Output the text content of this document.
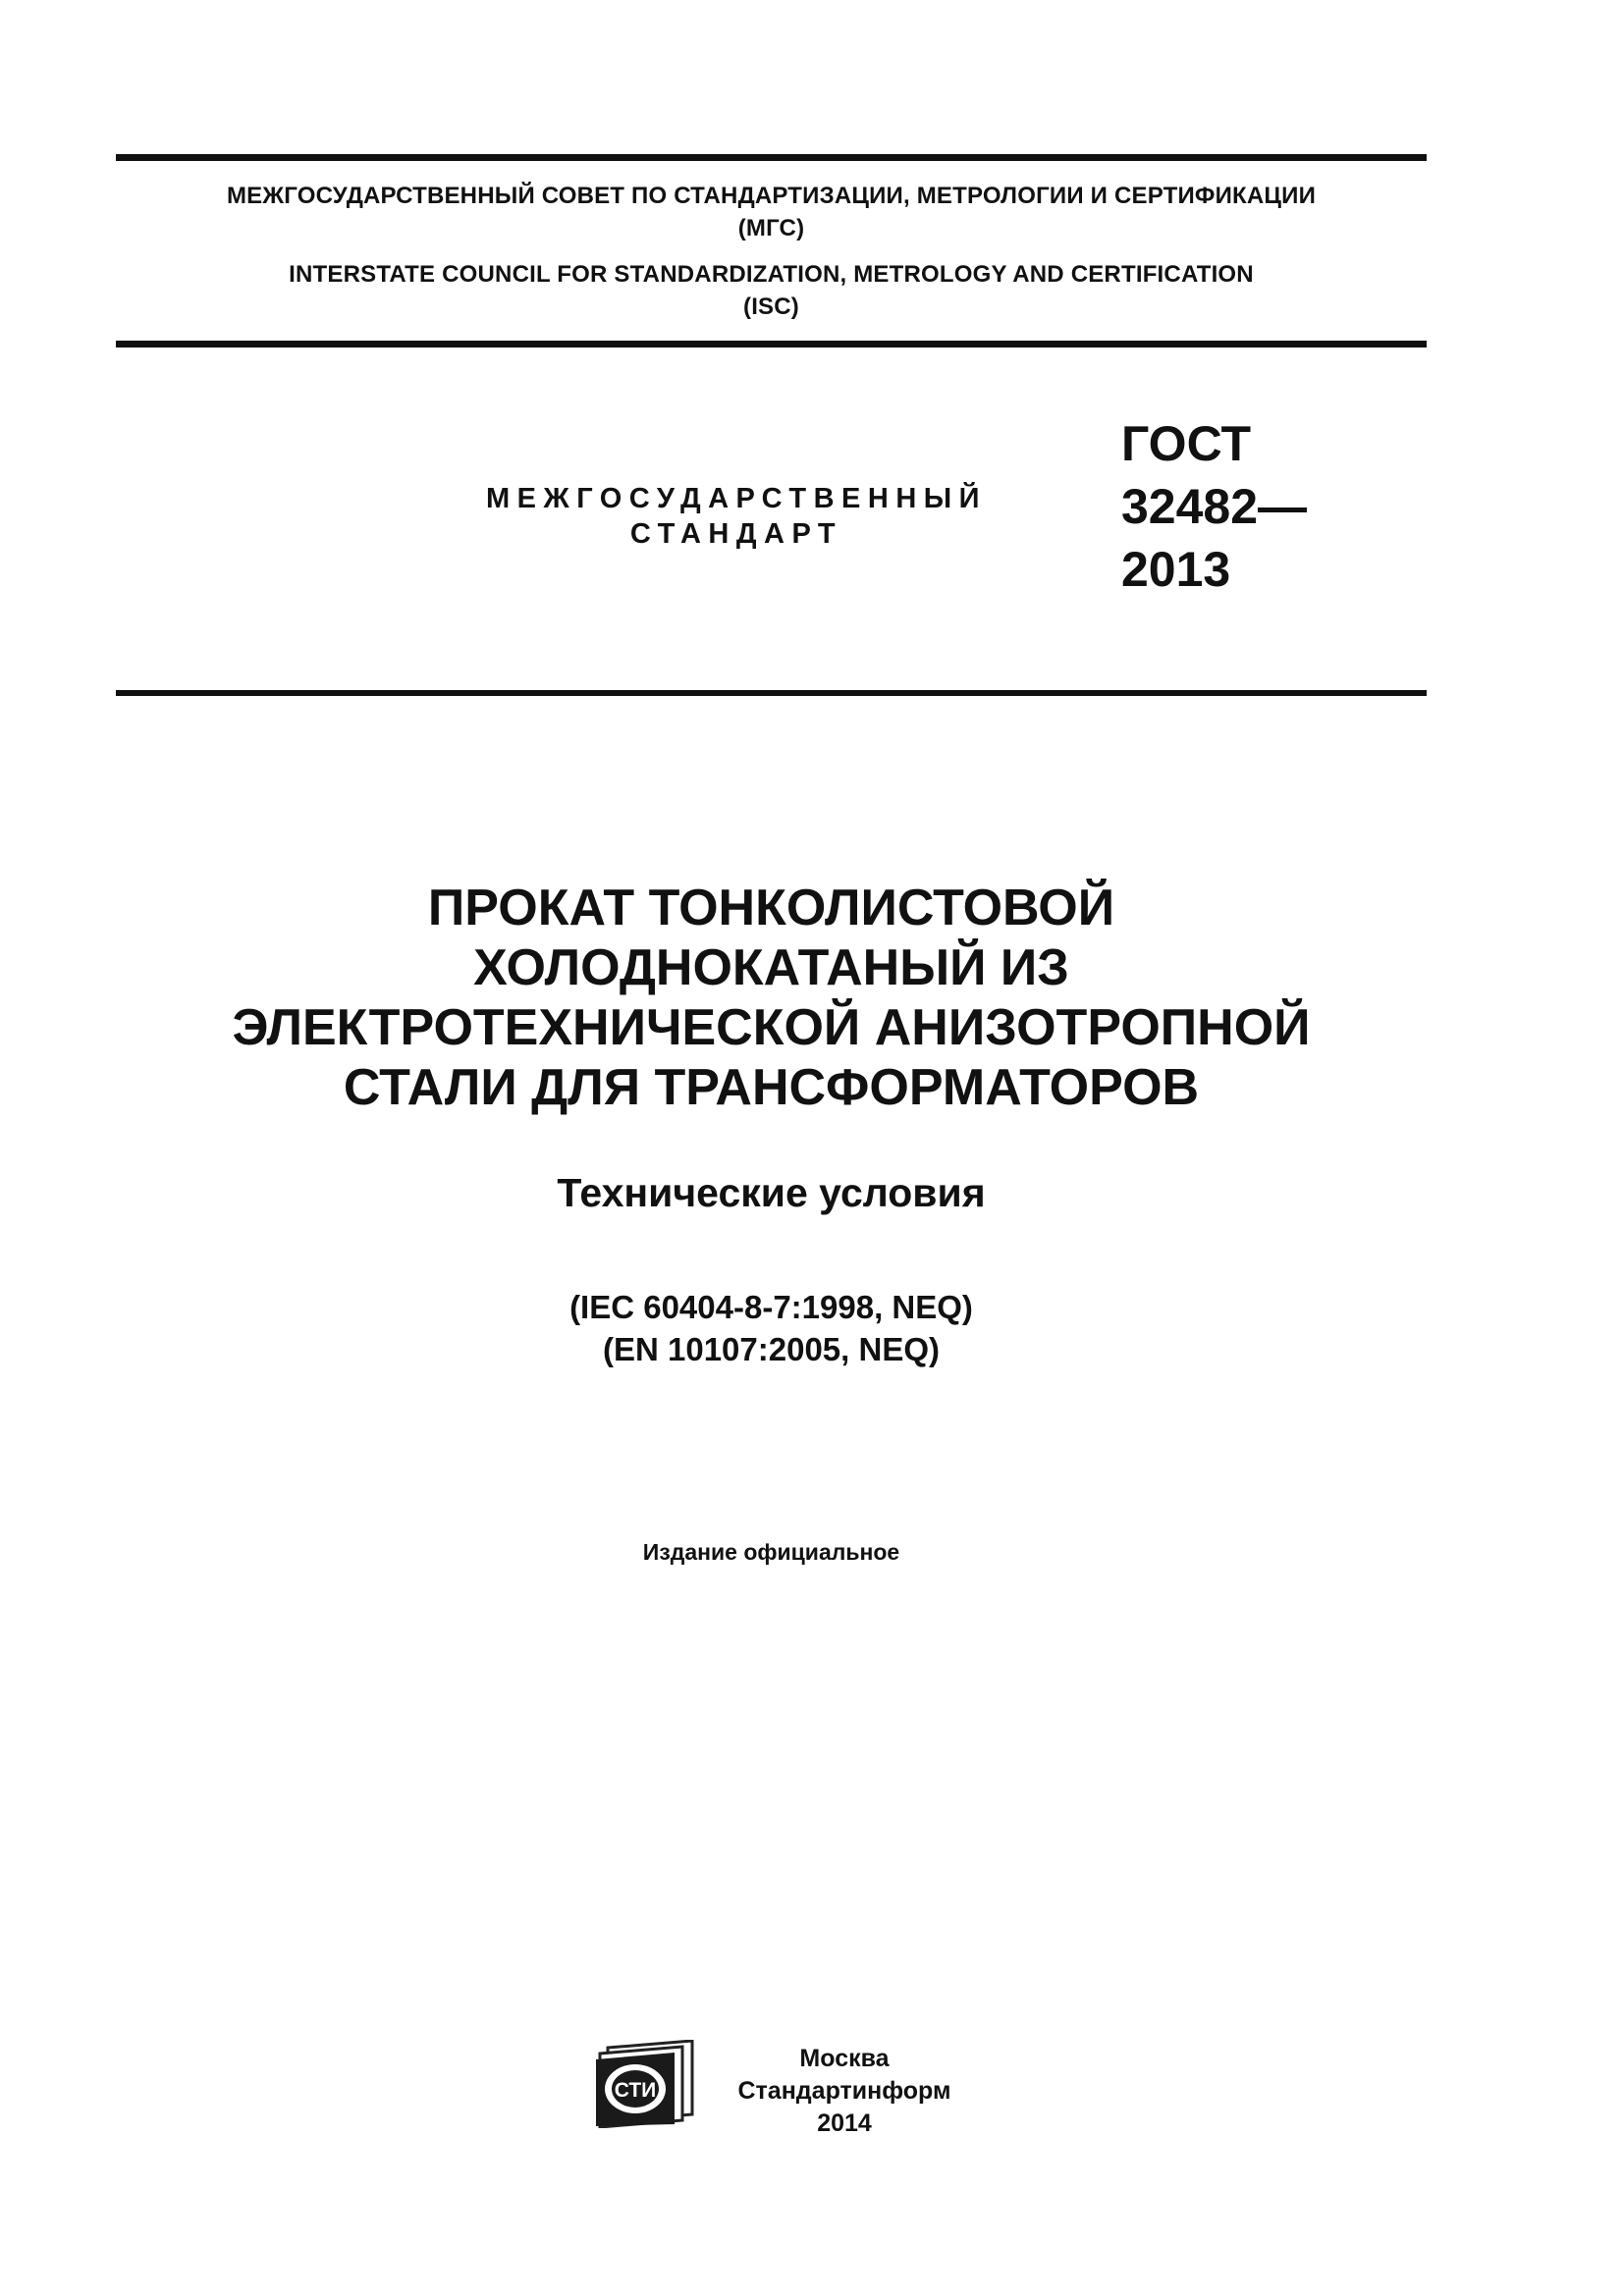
МЕЖГОСУДАРСТВЕННЫЙ СОВЕТ ПО СТАНДАРТИЗАЦИИ, МЕТРОЛОГИИ И СЕРТИФИКАЦИИ
(МГС)
INTERSTATE COUNCIL FOR STANDARDIZATION, METROLOGY AND CERTIFICATION
(ISC)
МЕЖГОСУДАРСТВЕННЫЙ
СТАНДАРТ
ГОСТ
32482—
2013
ПРОКАТ ТОНКОЛИСТОВОЙ
ХОЛОДНОКАТАНЫЙ ИЗ
ЭЛЕКТРОТЕХНИЧЕСКОЙ АНИЗОТРОПНОЙ
СТАЛИ ДЛЯ ТРАНСФОРМАТОРОВ
Технические условия
(IEC 60404-8-7:1998, NEQ)
(EN 10107:2005, NEQ)
Издание официальное
СТИ
Москва
Стандартинформ
2014
